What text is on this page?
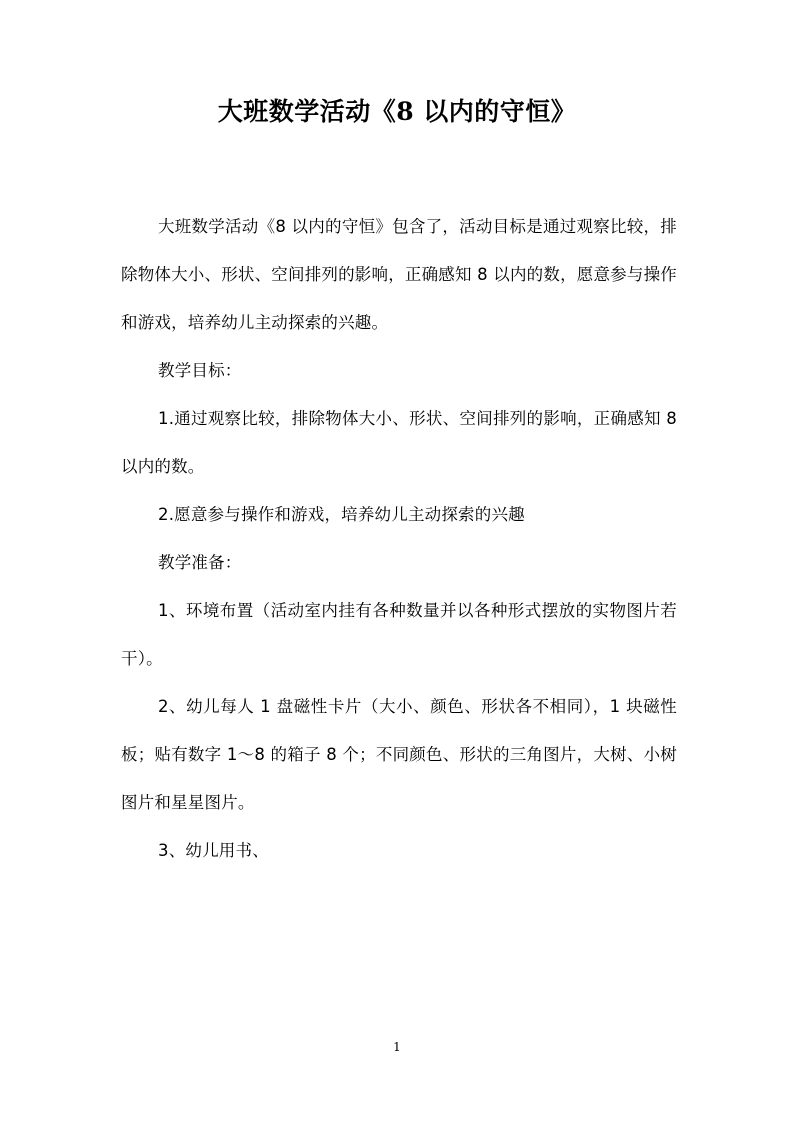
大班数学活动《8 以内的守恒》

大班数学活动《8 以内的守恒》包含了，活动目标是通过观察比较，排除物体大小、形状、空间排列的影响，正确感知 8 以内的数，愿意参与操作和游戏，培养幼儿主动探索的兴趣。

教学目标：

1.通过观察比较，排除物体大小、形状、空间排列的影响，正确感知 8 以内的数。

2.愿意参与操作和游戏，培养幼儿主动探索的兴趣

教学准备：

1、环境布置（活动室内挂有各种数量并以各种形式摆放的实物图片若干）。

2、幼儿每人 1 盘磁性卡片（大小、颜色、形状各不相同），1 块磁性板；贴有数字 1～8 的箱子 8 个；不同颜色、形状的三角图片，大树、小树图片和星星图片。

3、幼儿用书、

1
